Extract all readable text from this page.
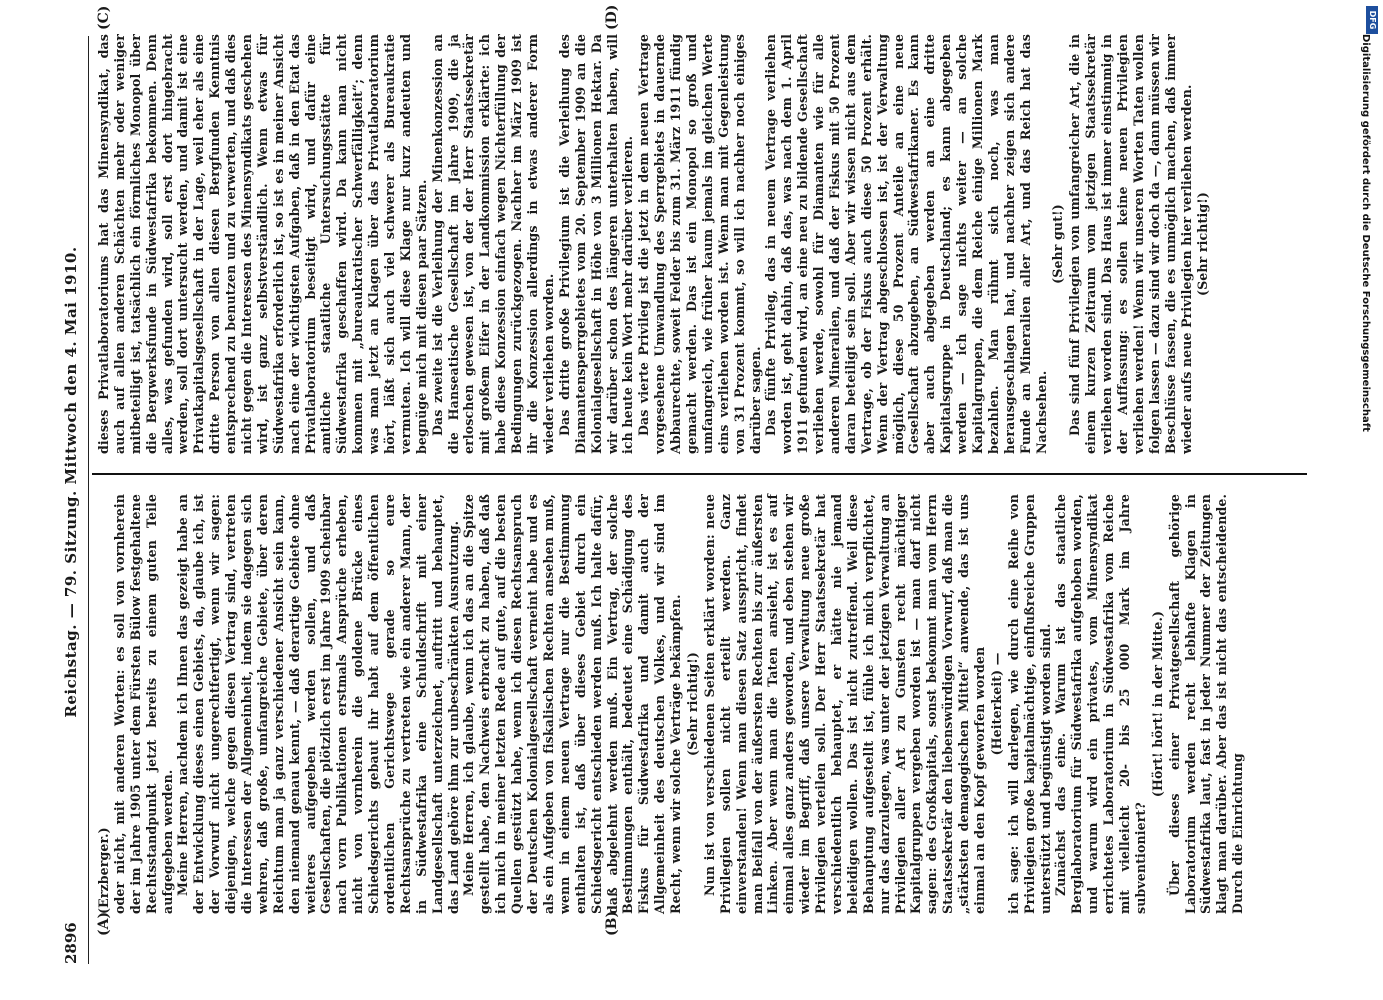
2896
Reichstag. — 79. Sitzung. Mittwoch den 4. Mai 1910.
(A)	(B)
(C)	(D)

(Erzberger.) oder nicht, mit anderen Worten: es soll von vornherein der im Jahre 1905 unter dem Fürsten Bülow festgehaltene Rechtsstandpunkt jetzt bereits zu einem guten Teile aufgegeben werden. Meine Herren, nachdem ich Ihnen das gezeigt habe an der Entwicklung dieses einen Gebiets, da, glaube ich, ist der Vorwurf nicht ungerechtfertigt, wenn wir sagen: diejenigen, welche gegen diesen Vertrag sind, vertreten die Interessen der Allgemeinheit, indem sie dagegen sich wehren, daß große, umfangreiche Gebiete, über deren Reichtum man ja ganz verschiedener Ansicht sein kann, den niemand genau kennt, — daß derartige Gebiete ohne weiteres aufgegeben werden sollen, und daß Gesellschaften, die plötzlich erst im Jahre 1909 scheinbar nach vorn Publikationen erstmals Ansprüche erheben, nicht von vornherein die goldene Brücke eines Schiedsgerichts gebaut ihr habt auf dem öffentlichen ordentlichen Gerichtswege gerade so eure Rechtsansprüche zu vertreten wie ein anderer Mann, der in Südwestafrika eine Schuldschrift mit einer Landgesellschaft unterzeichnet, auftritt und behauptet, das Land gehöre ihm zur unbeschränkten Ausnutzung. Meine Herren, ich glaube, wenn ich das an die Spitze gestellt habe, den Nachweis erbracht zu haben, daß daß ich mich in meiner letzten Rede auf gute, auf die besten Quellen gestützt habe, wenn ich diesen Rechtsanspruch der Deutschen Kolonialgesellschaft verneint habe und es als ein Aufgeben von fiskalischen Rechten ansehen muß, wenn in einem neuen Vertrage nur die Bestimmung enthalten ist, daß über dieses Gebiet durch ein Schiedsgericht entschieden werden muß. Ich halte dafür, daß abgelehnt werden muß. Ein Vertrag, der solche Bestimmungen enthält, bedeutet eine Schädigung des Fiskus für Südwestafrika und damit auch der Allgemeinheit des deutschen Volkes, und wir sind im Recht, wenn wir solche Verträge bekämpfen. (Sehr richtig!) Nun ist von verschiedenen Seiten erklärt worden: neue Privilegien sollen nicht erteilt werden. Ganz einverstanden! Wenn man diesen Satz ausspricht, findet man Beifall von der äußersten Rechten bis zur äußersten Linken. Aber wenn man die Taten ansieht, ist es auf einmal alles ganz anders geworden, und eben stehen wir wieder im Begriff, daß unsere Verwaltung neue große Privilegien verteilen soll. Der Herr Staatssekretär hat verschiedentlich behauptet, er hätte nie jemand beleidigen wollen. Das ist nicht zutreffend. Weil diese Behauptung aufgestellt ist, fühle ich mich verpflichtet, nur das darzulegen, was unter der jetzigen Verwaltung an Privilegien aller Art zu Gunsten recht mächtiger Kapitalgruppen vergeben worden ist — man darf nicht sagen: des Großkapitals, sonst bekommt man vom Herrn Staatssekretär den liebenswürdigen Vorwurf, daß man die „stärksten demagogischen Mittel“ anwende, das ist uns einmal an den Kopf geworfen worden (Heiterkeit) — ich sage: ich will darlegen, wie durch eine Reihe von Privilegien große kapitalmächtige, einflußreiche Gruppen unterstützt und begünstigt worden sind. Zunächst das eine. Warum ist das staatliche Berglaboratorium für Südwestafrika aufgehoben worden, und warum wird ein privates, vom Minensyndikat errichtetes Laboratorium in Südwestafrika vom Reiche mit vielleicht 20- bis 25 000 Mark im Jahre subventioniert?

(Hört! hört! in der Mitte.) Über dieses einer Privatgesellschaft gehörige Laboratorium werden recht lebhafte Klagen in Südwestafrika laut, fast in jeder Nummer der Zeitungen klagt man darüber. Aber das ist nicht das entscheidende. Durch die Einrichtung

dieses Privatlaboratoriums hat das Minensyndikat, das auch auf allen anderen Schächten mehr oder weniger mitbeteiligt ist, tatsächlich ein förmliches Monopol über die Bergwerksfunde in Südwestafrika bekommen. Denn alles, was gefunden wird, soll erst dort hingebracht werden, soll dort untersucht werden, und damit ist eine Privatkapitalsgesellschaft in der Lage, weil eher als eine dritte Person von allen diesen Bergfunden Kenntnis entsprechend zu benutzen und zu verwerten, und daß dies nicht gegen die Interessen des Minensyndikats geschehen wird, ist ganz selbstverständlich. Wenn etwas für Südwestafrika erforderlich ist, so ist es in meiner Ansicht nach eine der wichtigsten Aufgaben, daß in den Etat das Privatlaboratorium beseitigt wird, und dafür eine amtliche staatliche Untersuchungsstätte für Südwestafrika geschaffen wird. Da kann man nicht kommen mit „bureaukratischer Schwerfälligkeit“; denn was man jetzt an Klagen über das Privatlaboratorium hört, läßt sich auch viel schwerer als Bureaukratie vermuten. Ich will diese Klage nur kurz andeuten und begnüge mich mit diesen paar Sätzen. Das zweite ist die Verleihung der Minenkonzession an die Hanseatische Gesellschaft im Jahre 1909, die ja erloschen gewesen ist, von der der Herr Staatssekretär mit großem Eifer in der Landkommission erklärte: ich habe diese Konzession einfach wegen Nichterfüllung der Bedingungen zurückgezogen. Nachher im März 1909 ist ihr die Konzession allerdings in etwas anderer Form wieder verliehen worden. Das dritte große Privilegium ist die Verleihung des Diamantensperrgebietes vom 20. September 1909 an die Kolonialgesellschaft in Höhe von 3 Millionen Hektar. Da wir darüber schon des längeren unterhalten haben, will ich heute kein Wort mehr darüber verlieren. Das vierte Privileg ist die jetzt in dem neuen Vertrage vorgesehene Umwandlung des Sperrgebiets in dauernde Abbaurechte, soweit Felder bis zum 31. März 1911 fündig gemacht werden. Das ist ein Monopol so groß und umfangreich, wie früher kaum jemals im gleichen Werte eins verliehen worden ist. Wenn man mit Gegenleistung von 31 Prozent kommt, so will ich nachher noch einiges darüber sagen. Das fünfte Privileg, das in neuem Vertrage verliehen worden ist, geht dahin, daß das, was nach dem 1. April 1911 gefunden wird, an eine neu zu bildende Gesellschaft verliehen werde, sowohl für Diamanten wie für alle anderen Mineralien, und daß der Fiskus mit 50 Prozent daran beteiligt sein soll. Aber wir wissen nicht aus dem Vertrage, ob der Fiskus auch diese 50 Prozent erhält. Wenn der Vertrag abgeschlossen ist, ist der Verwaltung möglich, diese 50 Prozent Anteile an eine neue Gesellschaft abzugeben, an Südwestafrikaner. Es kann aber auch abgegeben werden an eine dritte Kapitalsgruppe in Deutschland; es kann abgegeben werden — ich sage nichts weiter — an solche Kapitalgruppen, die dem Reiche einige Millionen Mark bezahlen. Man rühmt sich noch, was man herausgeschlagen hat, und nachher zeigen sich andere Funde an Mineralien aller Art, und das Reich hat das Nachsehen.

(Sehr gut!) Das sind fünf Privilegien von umfangreicher Art, die in einem kurzen Zeitraum vom jetzigen Staatssekretär verliehen worden sind. Das Haus ist immer einstimmig in der Auffassung: es sollen keine neuen Privilegien verliehen werden! Wenn wir unseren Worten Taten wollen folgen lassen — dazu sind wir doch da —, dann müssen wir Beschlüsse fassen, die es unmöglich machen, daß immer wieder aufs neue Privilegien hier verliehen werden. (Sehr richtig!)	Digitalisierung gefördert durch die Deutsche Forschungsgemeinschaft
DFG
